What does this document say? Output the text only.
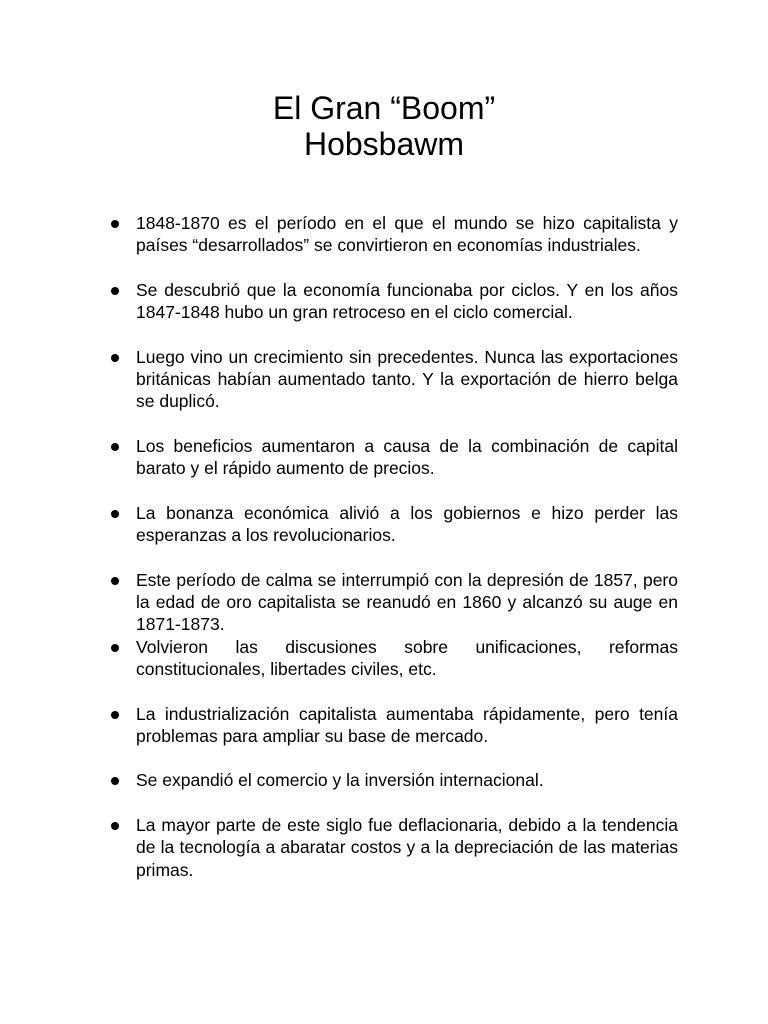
El Gran “Boom”
Hobsbawm
1848-1870 es el período en el que el mundo se hizo capitalista y países “desarrollados” se convirtieron en economías industriales.
Se descubrió que la economía funcionaba por ciclos. Y en los años 1847-1848 hubo un gran retroceso en el ciclo comercial.
Luego vino un crecimiento sin precedentes. Nunca las exportaciones británicas habían aumentado tanto. Y la exportación de hierro belga se duplicó.
Los beneficios aumentaron a causa de la combinación de capital barato y el rápido aumento de precios.
La bonanza económica alivió a los gobiernos e hizo perder las esperanzas a los revolucionarios.
Este período de calma se interrumpió con la depresión de 1857, pero la edad de oro capitalista se reanudó en 1860 y alcanzó su auge en 1871-1873.
Volvieron las discusiones sobre unificaciones, reformas constitucionales, libertades civiles, etc.
La industrialización capitalista aumentaba rápidamente, pero tenía problemas para ampliar su base de mercado.
Se expandió el comercio y la inversión internacional.
La mayor parte de este siglo fue deflacionaria, debido a la tendencia de la tecnología a abaratar costos y a la depreciación de las materias primas.
